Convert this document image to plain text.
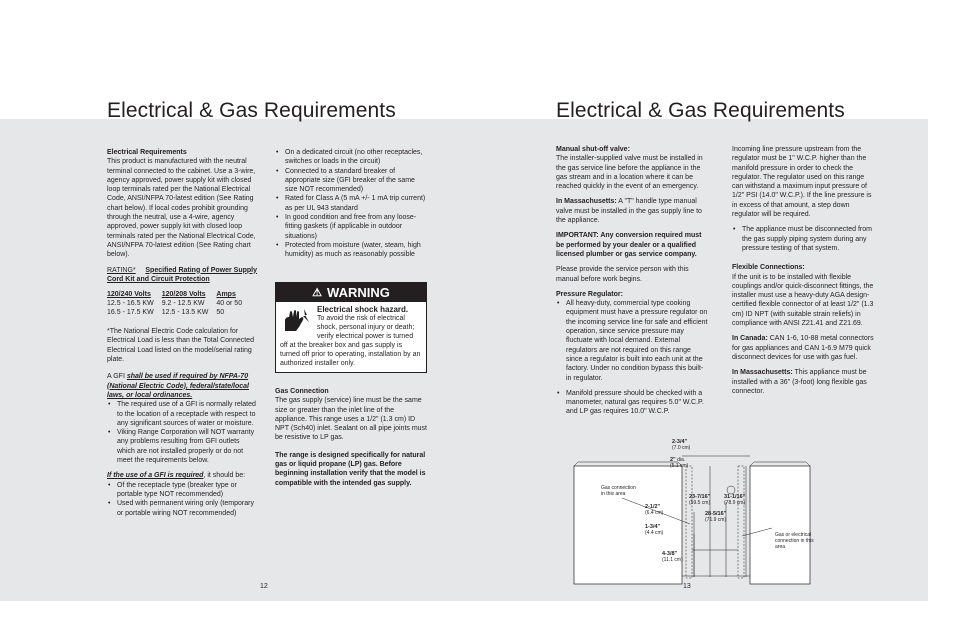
Electrical & Gas Requirements	Electrical & Gas Requirements
Electrical Requirements

This product is manufactured with the neutral terminal connected to the cabinet. Use a 3-wire, agency approved, power supply kit with closed loop terminals rated per the National Electrical Code, ANSI/NFPA 70-latest edition (See Rating chart below). If local codes prohibit grounding through the neutral, use a 4-wire, agency approved, power supply kit with closed loop terminals rated per the National Electrical Code, ANSI/NFPA 70-latest edition (See Rating chart below).

RATING* Specified Rating of Power Supply Cord Kit and Circuit Protection

120/240 Volts	120/208 Volts	Amps
12.5 - 16.5 KW	9.2 - 12.5 KW	40 or 50
16.5 - 17.5 KW	12.5 - 13.5 KW	50

*The National Electric Code calculation for Electrical Load is less than the Total Connected Electrical Load listed on the model/serial rating plate.

A GFI shall be used if required by NFPA-70 (National Electric Code), federal/state/local laws, or local ordinances.

• The required use of a GFI is normally related to the location of a receptacle with respect to any significant sources of water or moisture.
• Viking Range Corporation will NOT warranty any problems resulting from GFI outlets which are not installed properly or do not meet the requirements below.

If the use of a GFI is required, it should be:

• Of the receptacle type (breaker type or portable type NOT recommended)
• Used with permanent wiring only (temporary or portable wiring NOT recommended)
• On a dedicated circuit (no other receptacles, switches or loads in the circuit)
• Connected to a standard breaker of appropriate size (GFI breaker of the same size NOT recommended)
• Rated for Class A (5 mA +/- 1 mA trip current) as per UL 943 standard
• In good condition and free from any loose-fitting gaskets (if applicable in outdoor situations)
• Protected from moisture (water, steam, high humidity) as much as reasonably possible
⚠ WARNING
Electrical shock hazard.
To avoid the risk of electrical shock, personal injury or death; verify electrical power is turned off at the breaker box and gas supply is turned off prior to operating, installation by an authorized installer only.
Gas Connection

The gas supply (service) line must be the same size or greater than the inlet line of the appliance. This range uses a 1/2" (1.3 cm) ID NPT (Sch40) inlet. Sealant on all pipe joints must be resistive to LP gas.

The range is designed specifically for natural gas or liquid propane (LP) gas. Before beginning installation verify that the model is compatible with the intended gas supply.

Manual shut-off valve:

The installer-supplied valve must be installed in the gas service line before the appliance in the gas stream and in a location where it can be reached quickly in the event of an emergency.

In Massachusetts: A "T" handle type manual valve must be installed in the gas supply line to the appliance.

IMPORTANT: Any conversion required must be performed by your dealer or a qualified licensed plumber or gas service company.

Please provide the service person with this manual before work begins.

Pressure Regulator:
• All heavy-duty, commercial type cooking equipment must have a pressure regulator on the incoming service line for safe and efficient operation, since service pressure may fluctuate with local demand. External regulators are not required on this range since a regulator is built into each unit at the factory. Under no condition bypass this built-in regulator.
• Manifold pressure should be checked with a manometer, natural gas requires 5.0" W.C.P. and LP gas requires 10.0" W.C.P.

Incoming line pressure upstream from the regulator must be 1" W.C.P. higher than the manifold pressure in order to check the regulator. The regulator used on this range can withstand a maximum input pressure of 1/2" PSI (14.0" W.C.P.). If the line pressure is in excess of that amount, a step down regulator will be required.

• The appliance must be disconnected from the gas supply piping system during any pressure testing of that system.
Flexible Connections:

If the unit is to be installed with flexible couplings and/or quick-disconnect fittings, the installer must use a heavy-duty AGA design-certified flexible connector of at least 1/2" (1.3 cm) ID NPT (with suitable strain reliefs) in compliance with ANSI Z21.41 and Z21.69.

In Canada: CAN 1-6, 10-88 metal connectors for gas appliances and CAN 1-6.9 M79 quick disconnect devices for use with gas fuel.

In Massachusetts: This appliance must be installed with a 36" (3-foot) long flexible gas connector.

2-3/4"
(7.0 cm)
2" dia.
(5.1 cm)
23-7/16"
(59.5 cm)
31-1/16"
(78.9 cm)
28-5/16"
(71.9 cm)
2-1/2"
(6.4 cm)
1-3/4"
(4.4 cm)
4-3/8"
(11.1 cm)
Gas connection in this area
Gas or electrical connection in this area
12	13
